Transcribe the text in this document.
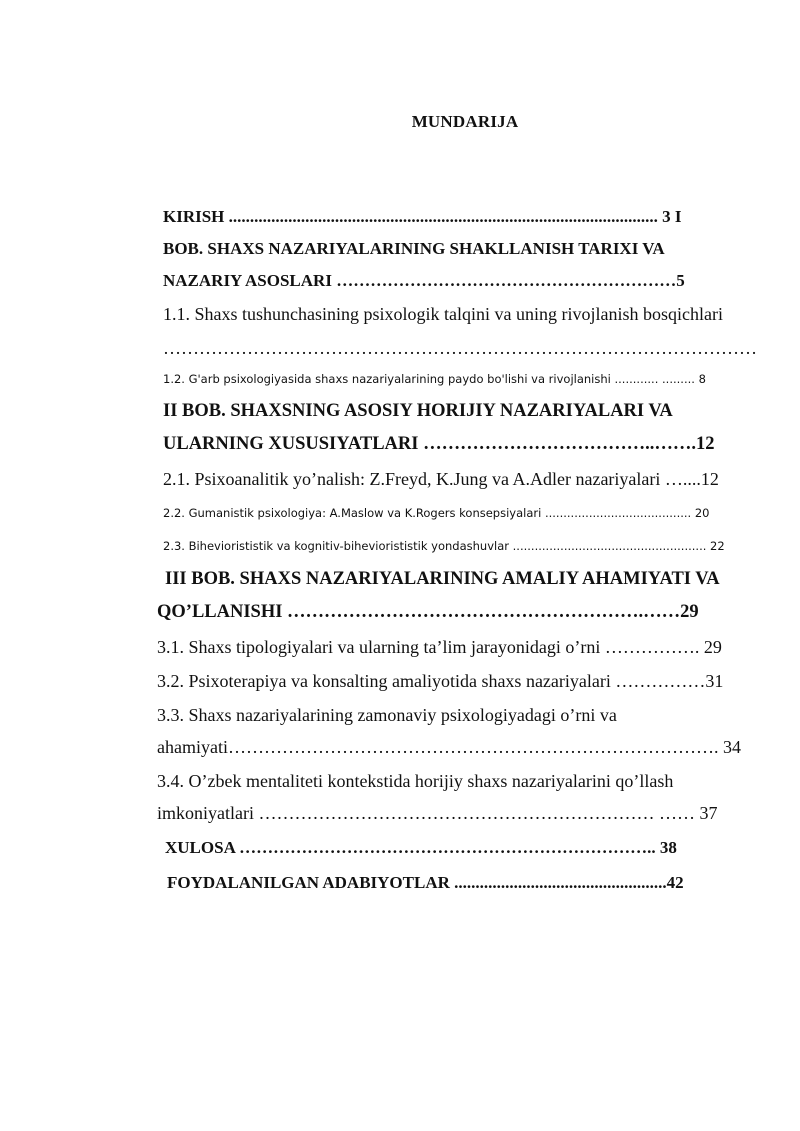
MUNDARIJA

KIRISH ..................................................................................................... 3 I

BOB. SHAXS NAZARIYALARINING SHAKLLANISH TARIXI VA

NAZARIY ASOSLARI ……………………………………………………5

1.1. Shaxs tushunchasining psixologik talqini va uning rivojlanish bosqichlari

………………………………………………………………………………………

1.2. G'arb psixologiyasida shaxs nazariyalarining paydo bo'lishi va rivojlanishi ............ ......... 8

II BOB. SHAXSNING ASOSIY HORIJIY NAZARIYALARI VA

ULARNING XUSUSIYATLARI ………………………………..…….12

2.1. Psixoanalitik yo’nalish: Z.Freyd, K.Jung va A.Adler nazariyalari …....12

2.2. Gumanistik psixologiya: A.Maslow va K.Rogers konsepsiyalari ........................................ 20

2.3. Biheviorististik va kognitiv-biheviorististik yondashuvlar ..................................................... 22

III BOB. SHAXS NAZARIYALARINING AMALIY AHAMIYATI VA

QO’LLANISHI ………………………………………………….……29

3.1. Shaxs tipologiyalari va ularning ta’lim jarayonidagi o’rni ……………. 29

3.2. Psixoterapiya va konsalting amaliyotida shaxs nazariyalari ……………31

3.3. Shaxs nazariyalarining zamonaviy psixologiyadagi o’rni va

ahamiyati………………………………………………………………………. 34

3.4. O’zbek mentaliteti kontekstida horijiy shaxs nazariyalarini qo’llash

imkoniyatlari ………………………………………………………… …… 37

XULOSA ……………………………………………………………….. 38

FOYDALANILGAN ADABIYOTLAR ..................................................42
